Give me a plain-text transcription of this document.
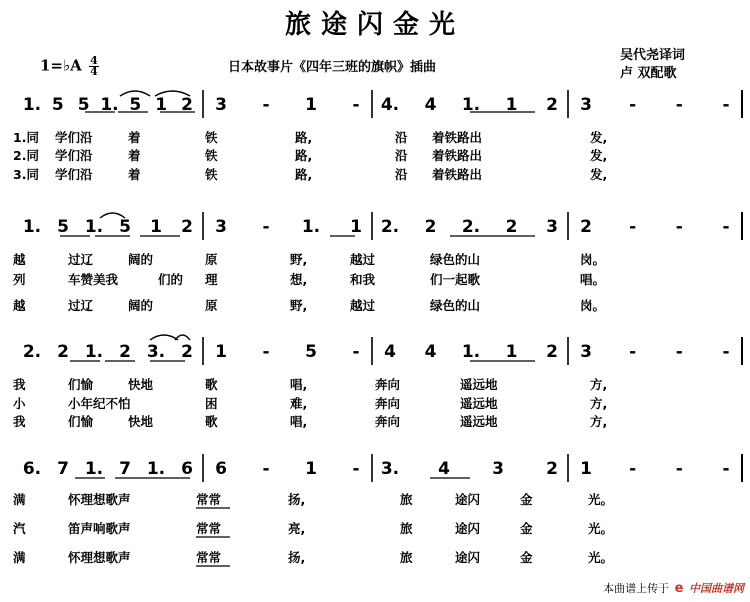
旅途闪金光
1=♭A $\frac{4}{4}$	日本故事片《四年三班的旗帜》插曲
吴代尧译词
卢 双配歌
1. 5 5 1. 5 1 2 3 - 1 - 4. 4 1. 1 2 3 - - -
1. 5 1. 5 1 2 3 - 1. 1 2. 2 2. 2 3 2 - - -
2. 2 1. 2 3. 2 1 - 5 - 4 4 1. 1 2 3 - - -
6. 7 1. 7 1. 6 6 - 1 - 3. 4 3 2 1 - - -
1.同 学们沿	着	铁	路,	沿 着铁路出	发,
2.同 学们沿	着	铁	路,	沿 着铁路出	发,
3.同 学们沿	着	铁	路,	沿 着铁路出	发,
越	过辽	阔的	原	野,	越过	绿色的山	岗。
列	车赞美我	们的 理	想,	和我	们一起歌	唱。
越	过辽	阔的	原	野,	越过	绿色的山	岗。
我	们愉	快地	歌	唱,	奔向	遥远地	方,
小	小年纪不怕	困	难,	奔向	遥远地	方,
我	们愉	快地	歌	唱,	奔向	遥远地	方,
满	怀理想歌声	常常	扬,	旅	途闪	金	光。
汽	笛声响歌声	常常	亮,	旅	途闪	金	光。
满	怀理想歌声	常常	扬,	旅	途闪	金	光。
本曲谱上传于 e 中国曲谱网
